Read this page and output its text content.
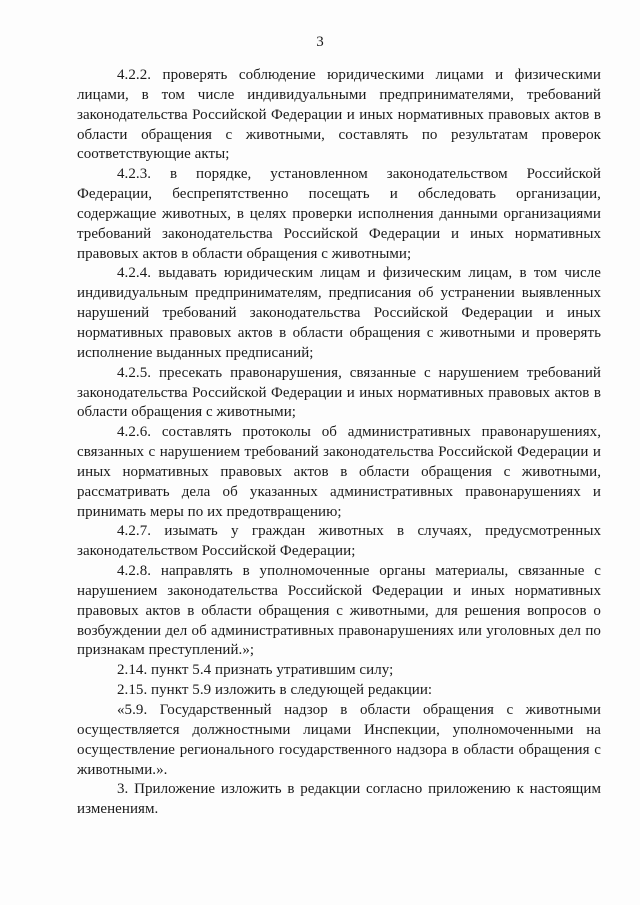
3

4.2.2. проверять соблюдение юридическими лицами и физическими лицами, в том числе индивидуальными предпринимателями, требований законодательства Российской Федерации и иных нормативных правовых актов в области обращения с животными, составлять по результатам проверок соответствующие акты;

4.2.3. в порядке, установленном законодательством Российской Федерации, беспрепятственно посещать и обследовать организации, содержащие животных, в целях проверки исполнения данными организациями требований законодательства Российской Федерации и иных нормативных правовых актов в области обращения с животными;

4.2.4. выдавать юридическим лицам и физическим лицам, в том числе индивидуальным предпринимателям, предписания об устранении выявленных нарушений требований законодательства Российской Федерации и иных нормативных правовых актов в области обращения с животными и проверять исполнение выданных предписаний;

4.2.5. пресекать правонарушения, связанные с нарушением требований законодательства Российской Федерации и иных нормативных правовых актов в области обращения с животными;

4.2.6. составлять протоколы об административных правонарушениях, связанных с нарушением требований законодательства Российской Федерации и иных нормативных правовых актов в области обращения с животными, рассматривать дела об указанных административных правонарушениях и принимать меры по их предотвращению;

4.2.7. изымать у граждан животных в случаях, предусмотренных законодательством Российской Федерации;

4.2.8. направлять в уполномоченные органы материалы, связанные с нарушением законодательства Российской Федерации и иных нормативных правовых актов в области обращения с животными, для решения вопросов о возбуждении дел об административных правонарушениях или уголовных дел по признакам преступлений.»;

2.14. пункт 5.4 признать утратившим силу;

2.15. пункт 5.9 изложить в следующей редакции:

«5.9. Государственный надзор в области обращения с животными осуществляется должностными лицами Инспекции, уполномоченными на осуществление регионального государственного надзора в области обращения с животными.».

3. Приложение изложить в редакции согласно приложению к настоящим изменениям.
